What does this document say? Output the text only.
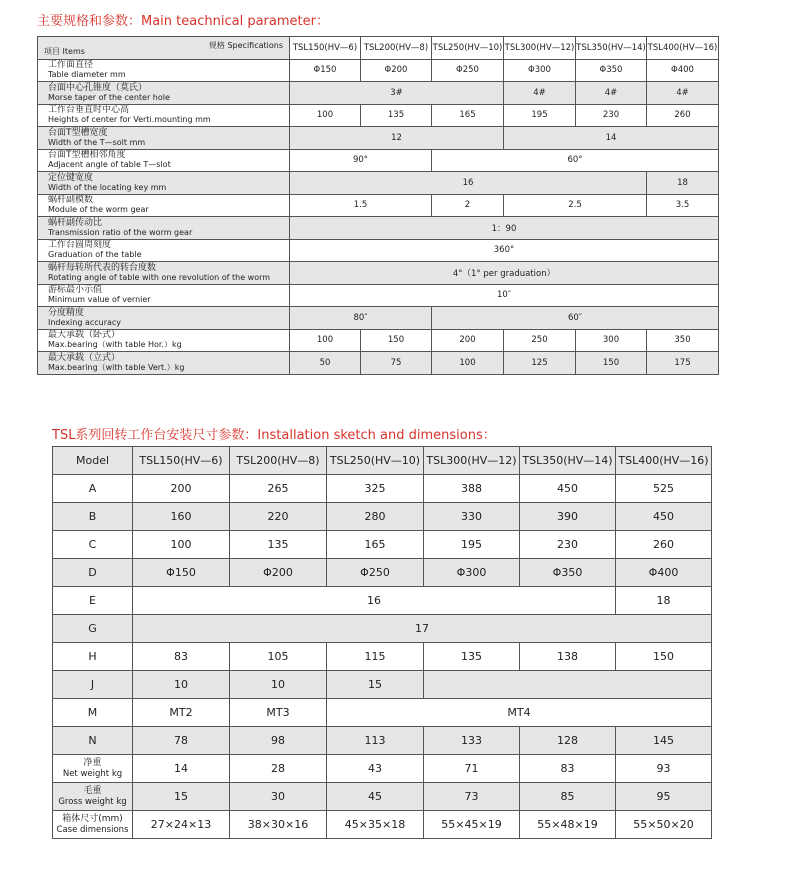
主要规格和参数：Main teachnical parameter：
项目 Items
规格 Specifications	TSL150(HV—6)	TSL200(HV—8)	TSL250(HV—10)	TSL300(HV—12)	TSL350(HV—14)	TSL400(HV—16)

工作面直径
Table diameter mm	Φ150	Φ200	Φ250	Φ300	Φ350	Φ400

台面中心孔锥度（莫氏）
Morse taper of the center hole	3#			4#	4#	4#

工作台垂直时中心高
Heights of center for Verti.mounting mm	100	135	165	195	230	260

台面T型槽宽度
Width of the T—solt mm	12			14		

台面T型槽相邻角度
Adjacent angle of table T—slot	90°		60°			

定位键宽度
Width of the locating key mm	16					18

蜗杆副模数
Module of the worm gear	1.5		2	2.5		3.5

蜗杆副传动比
Transmission ratio of the worm gear	1：90					

工作台圆周刻度
Graduation of the table	360°					

蜗杆每转所代表的转台度数
Rotating angle of table with one revolution of the worm	4°（1° per graduation）					

游标最小示值
Minimum value of vernier	10″					

分度精度
Indexing accuracy	80″		60″			

最大承载（卧式）
Max.bearing（with table Hor.）kg	100	150	200	250	300	350

最大承载（立式）
Max.bearing（with table Vert.）kg	50	75	100	125	150	175
TSL系列回转工作台安装尺寸参数：Installation sketch and dimensions：
Model	TSL150(HV—6)	TSL200(HV—8)	TSL250(HV—10)	TSL300(HV—12)	TSL350(HV—14)	TSL400(HV—16)
A	200	265	325	388	450	525
B	160	220	280	330	390	450
C	100	135	165	195	230	260
D	Φ150	Φ200	Φ250	Φ300	Φ350	Φ400
E	16					18
G	17					
H	83	105	115	135	138	150
J	10	10	15			
M	MT2	MT3	MT4			
N	78	98	113	133	128	145

净重
Net weight kg	14	28	43	71	83	93

毛重
Gross weight kg	15	30	45	73	85	95

箱体尺寸(mm)
Case dimensions	27×24×13	38×30×16	45×35×18	55×45×19	55×48×19	55×50×20
